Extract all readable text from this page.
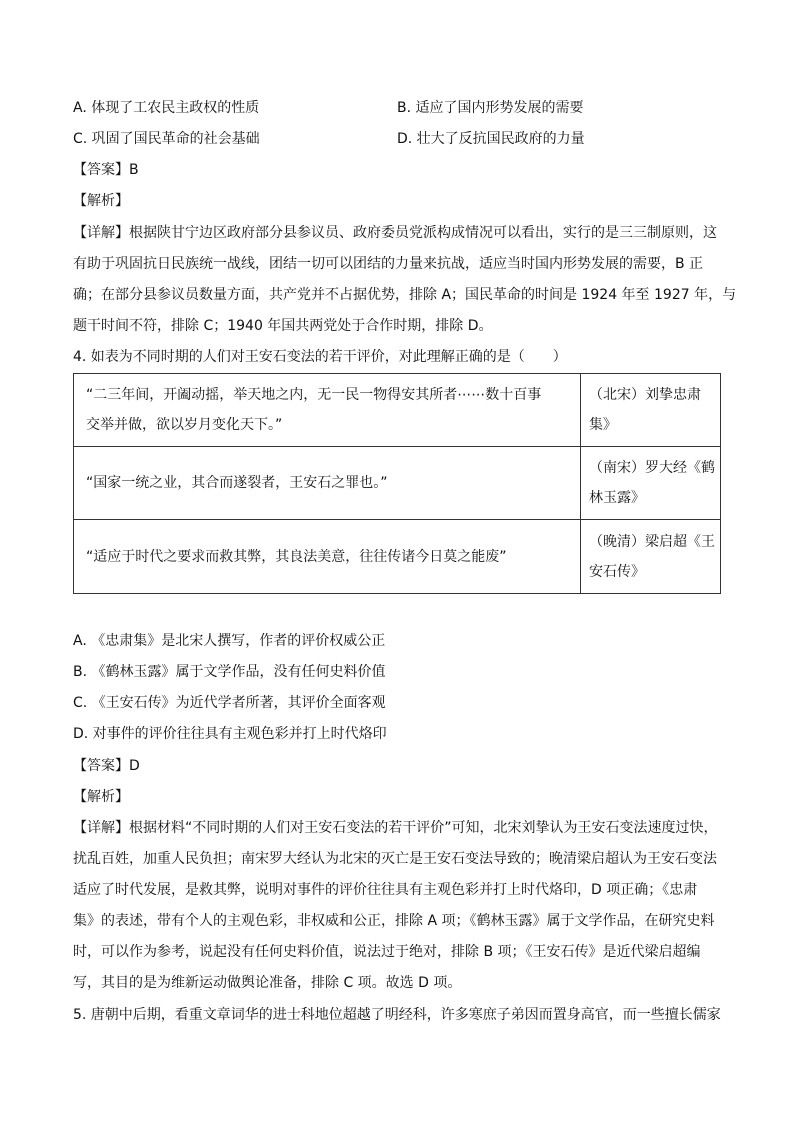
A. 体现了工农民主政权的性质	B. 适应了国内形势发展的需要
C. 巩固了国民革命的社会基础	D. 壮大了反抗国民政府的力量
【答案】B
【解析】
【详解】根据陕甘宁边区政府部分县参议员、政府委员党派构成情况可以看出，实行的是三三制原则，这
有助于巩固抗日民族统一战线，团结一切可以团结的力量来抗战，适应当时国内形势发展的需要，B 正
确；在部分县参议员数量方面，共产党并不占据优势，排除 A；国民革命的时间是 1924 年至 1927 年，与
题干时间不符，排除 C；1940 年国共两党处于合作时期，排除 D。
4. 如表为不同时期的人们对王安石变法的若干评价，对此理解正确的是（　　）
“二三年间，开阖动摇，举天地之内，无一民一物得安其所者⋯⋯数十百事
交举并做，欲以岁月变化天下。”	（北宋）刘挚忠肃
集》

“国家一统之业，其合而遂裂者，王安石之罪也。”	（南宋）罗大经《鹤
林玉露》

“适应于时代之要求而救其弊，其良法美意，往往传诸今日莫之能废”	（晚清）梁启超《王
安石传》
A. 《忠肃集》是北宋人撰写，作者的评价权威公正
B. 《鹤林玉露》属于文学作品，没有任何史料价值
C. 《王安石传》为近代学者所著，其评价全面客观
D. 对事件的评价往往具有主观色彩并打上时代烙印
【答案】D
【解析】
【详解】根据材料“不同时期的人们对王安石变法的若干评价”可知，北宋刘挚认为王安石变法速度过快，
扰乱百姓，加重人民负担；南宋罗大经认为北宋的灭亡是王安石变法导致的；晚清梁启超认为王安石变法
适应了时代发展，是救其弊，说明对事件的评价往往具有主观色彩并打上时代烙印，D 项正确；《忠肃
集》的表述，带有个人的主观色彩，非权威和公正，排除 A 项；《鹤林玉露》属于文学作品，在研究史料
时，可以作为参考，说起没有任何史料价值，说法过于绝对，排除 B 项；《王安石传》是近代梁启超编
写，其目的是为维新运动做舆论准备，排除 C 项。故选 D 项。
5. 唐朝中后期，看重文章词华的进士科地位超越了明经科，许多寒庶子弟因而置身高官，而一些擅长儒家
